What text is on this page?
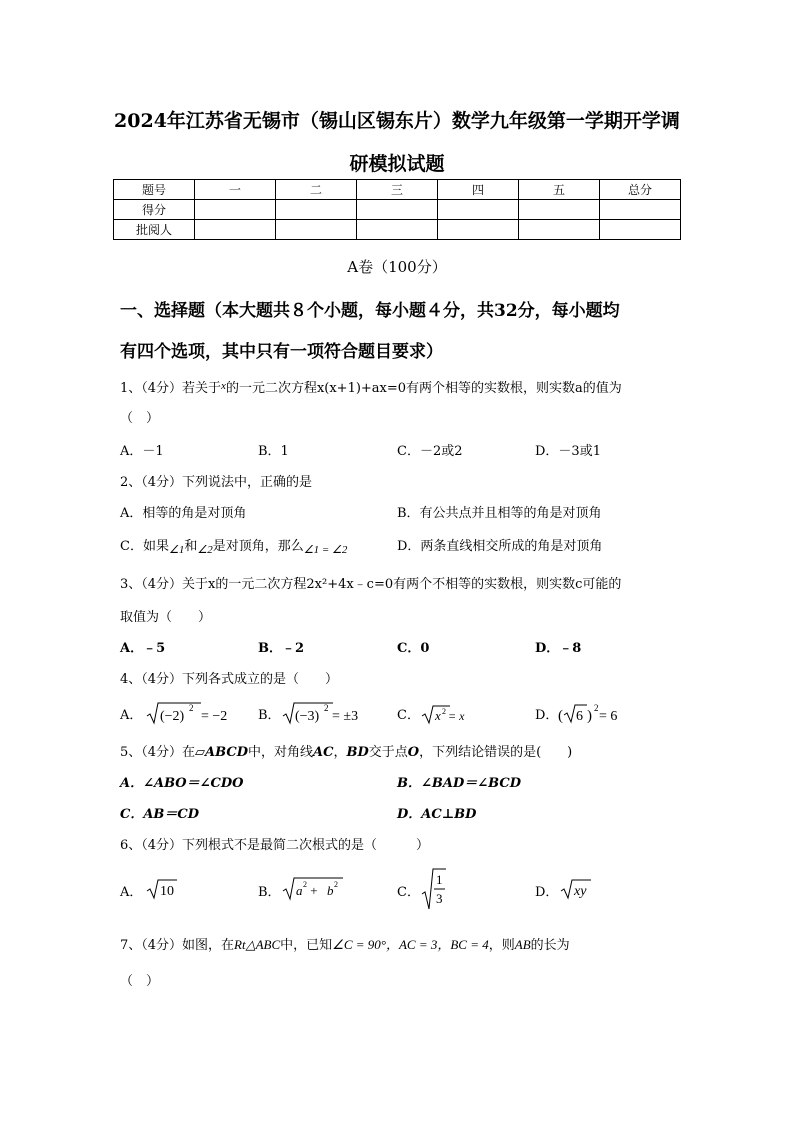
2024年江苏省无锡市（锡山区锡东片）数学九年级第一学期开学调
研模拟试题
题号	一	二	三	四	五	总分
得分						
批阅人						
A卷（100分）
一、选择题（本大题共８个小题，每小题４分，共32分，每小题均
有四个选项，其中只有一项符合题目要求）
1、（4分）若关于$^x$的一元二次方程x(x+1)+ax=0有两个相等的实数根，则实数a的值为
（　）
A．－1	B．1	C．－2或2	D．－3或1
2、（4分）下列说法中，正确的是
A．相等的角是对顶角	B．有公共点并且相等的角是对顶角
C．如果$_{\angle 1}$和$_{\angle 2}$是对顶角，那么$_{\angle 1 = \angle 2}$	D．两条直线相交所成的角是对顶角
3、（4分）关于x的一元二次方程2x²+4x﹣c=0有两个不相等的实数根，则实数c可能的
取值为（　　）
A．﹣5	B．﹣2	C．0	D．﹣8
4、（4分）下列各式成立的是（　　）
A． (−2)
2
= −2 B． (−3)
2
= ±3	C． x 2 = x	D． ( 6 ) 2
= 6
5、（4分）在▱ABCD中，对角线AC，BD交于点O，下列结论错误的是(　　)
A．∠ABO＝∠CDO	B．∠BAD＝∠BCD
C．AB＝CD	D．AC⊥BD
6、（4分）下列根式不是最简二次根式的是（　　　）
A． 10	B． a 2 + b 2
C．
1
3	D． xy
7、（4分）如图，在Rt△ABC中，已知∠C = 90°，AC = 3，BC = 4，则AB的长为
（　）
